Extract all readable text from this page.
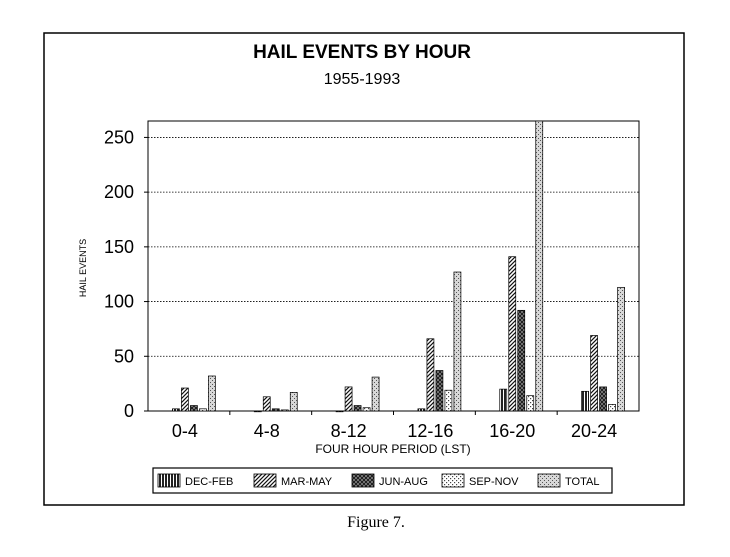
HAIL EVENTS BY HOUR
1955-1993
0
50
100
150
200
250
0-4	4-8	8-12 12-16 16-20 20-24
HAIL EVENTS
FOUR HOUR PERIOD (LST)
DEC-FEB	MAR-MAY	JUN-AUG	SEP-NOV	TOTAL
Figure 7.
